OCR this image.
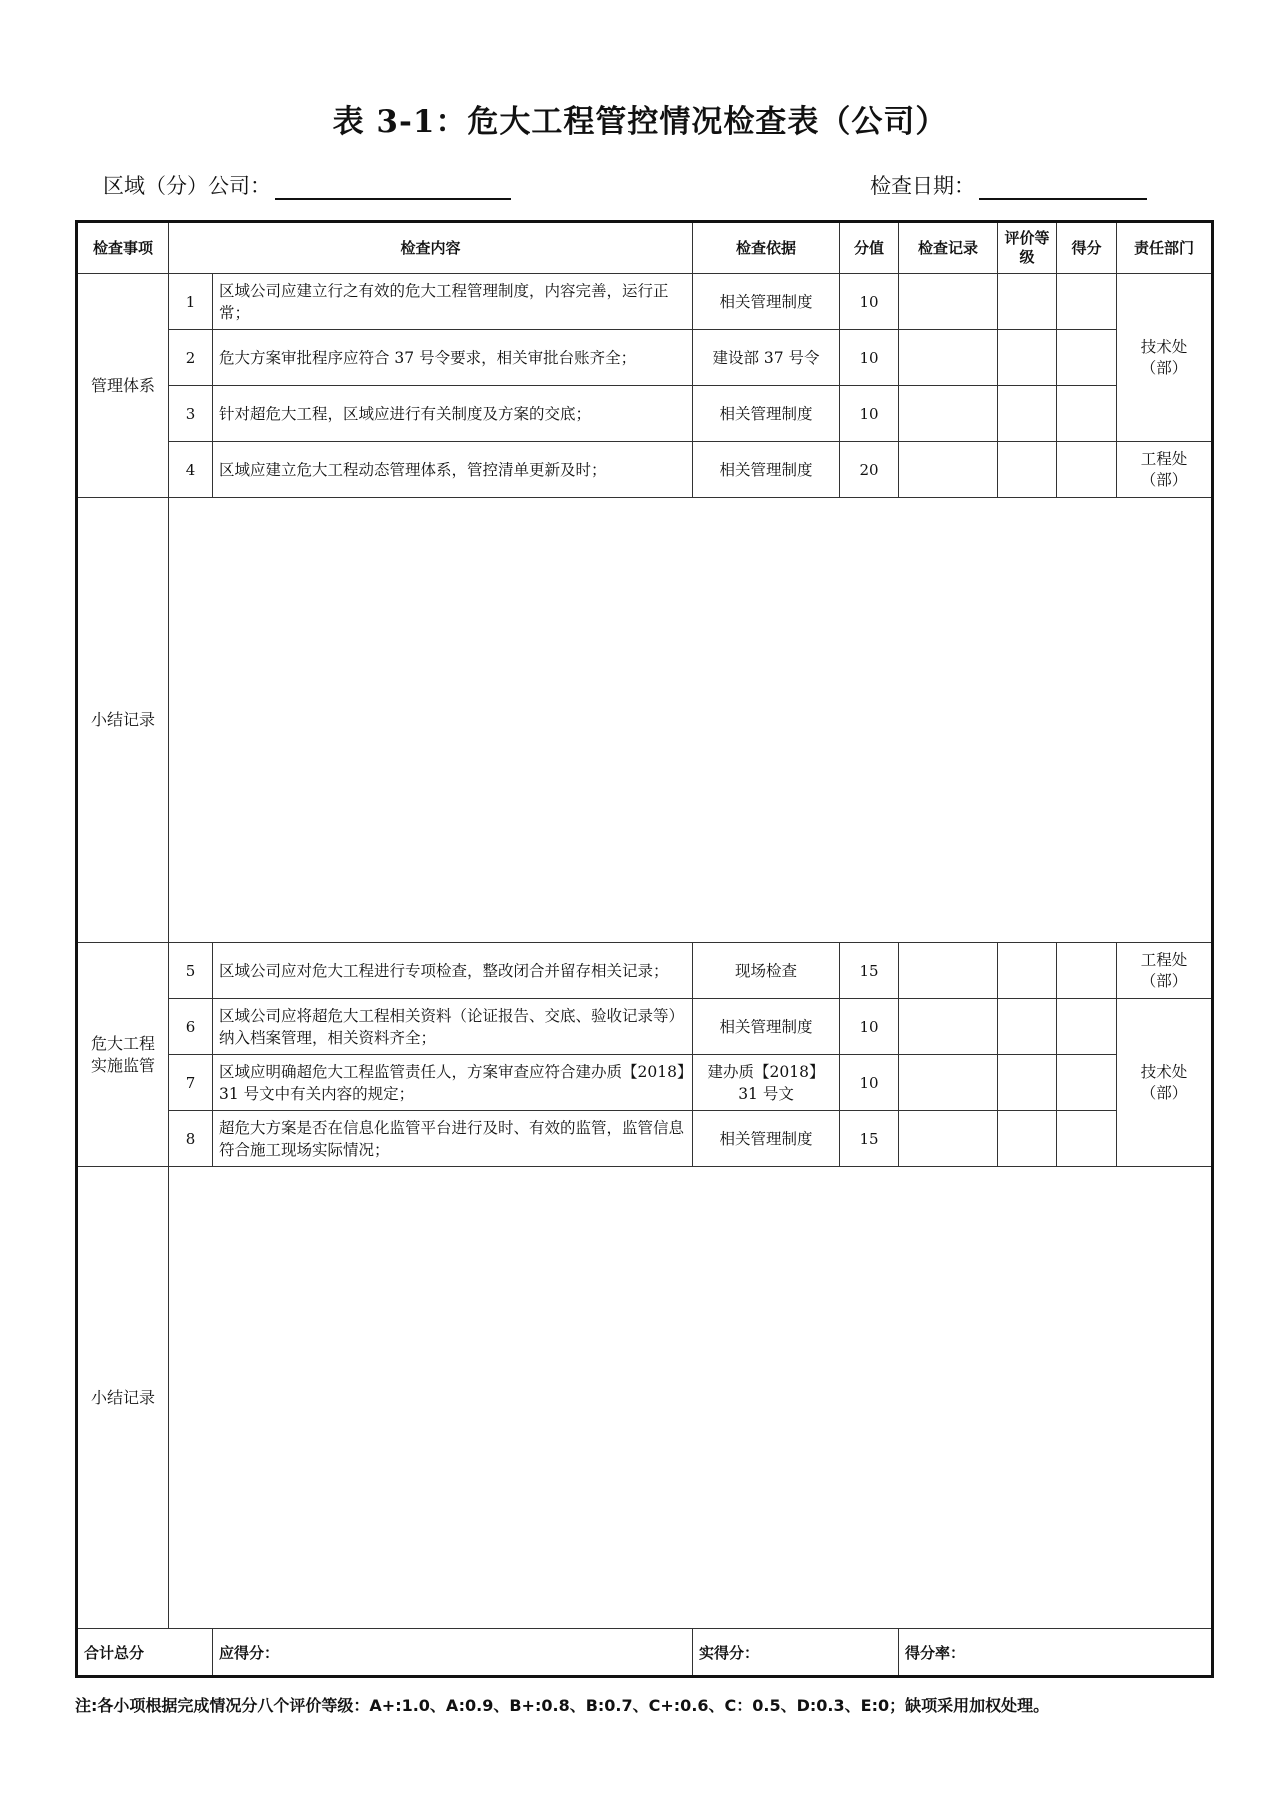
表 3-1：危大工程管控情况检查表（公司）
区域（分）公司：	检查日期：
检查事项	检查内容		检查依据	分值	检查记录	评价等级	得分	责任部门
管理体系	1	区域公司应建立行之有效的危大工程管理制度，内容完善，运行正常；	相关管理制度	10				技术处（部）
	2	危大方案审批程序应符合 37 号令要求，相关审批台账齐全；	建设部 37 号令	10				
	3	针对超危大工程，区域应进行有关制度及方案的交底；	相关管理制度	10				
	4	区域应建立危大工程动态管理体系，管控清单更新及时；	相关管理制度	20				工程处（部）
小结记录								
危大工程实施监管	5	区域公司应对危大工程进行专项检查，整改闭合并留存相关记录；	现场检查	15				工程处（部）
	6	区域公司应将超危大工程相关资料（论证报告、交底、验收记录等）纳入档案管理，相关资料齐全；	相关管理制度	10				技术处（部）
	7	区域应明确超危大工程监管责任人，方案审查应符合建办质【2018】31 号文中有关内容的规定；	建办质【2018】31 号文	10				
	8	超危大方案是否在信息化监管平台进行及时、有效的监管，监管信息符合施工现场实际情况；	相关管理制度	15				
小结记录								
合计总分		应得分：	实得分：		得分率：			
注:各小项根据完成情况分八个评价等级：A+:1.0、A:0.9、B+:0.8、B:0.7、C+:0.6、C：0.5、D:0.3、E:0；缺项采用加权处理。
